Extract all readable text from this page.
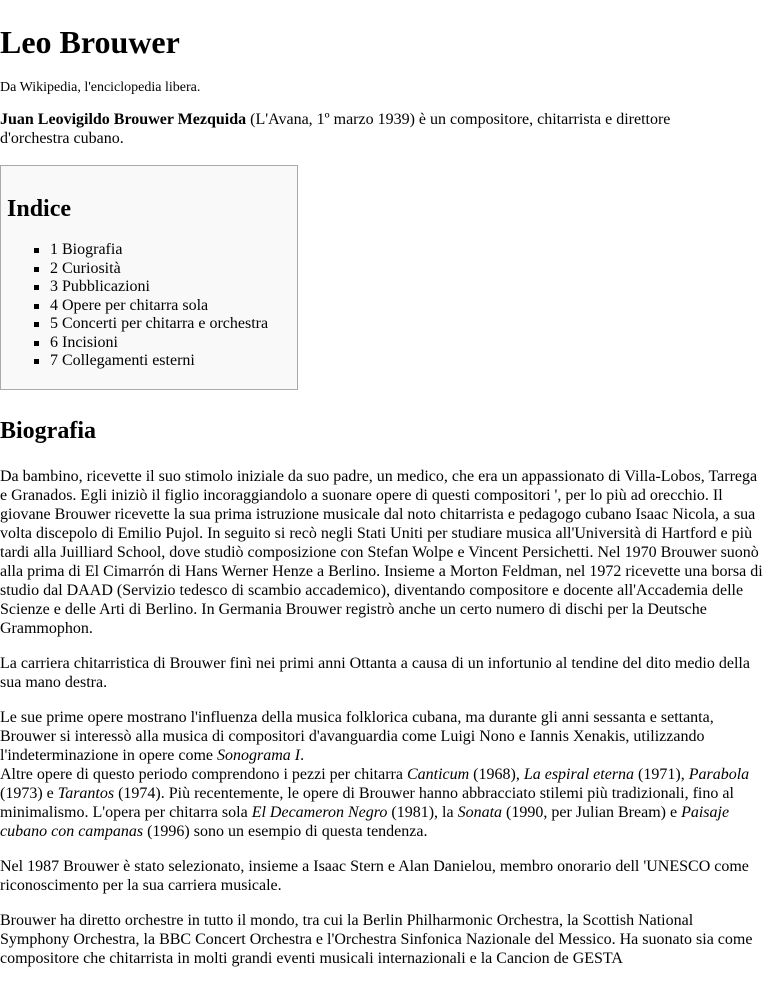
Leo Brouwer

Da Wikipedia, l'enciclopedia libera.

Juan Leovigildo Brouwer Mezquida (L'Avana, 1º marzo 1939) è un compositore, chitarrista e direttore d'orchestra cubano.

Indice
1 Biografia
2 Curiosità
3 Pubblicazioni
4 Opere per chitarra sola
5 Concerti per chitarra e orchestra
6 Incisioni
7 Collegamenti esterni
Biografia

Da bambino, ricevette il suo stimolo iniziale da suo padre, un medico, che era un appassionato di Villa-Lobos, Tarrega e Granados. Egli iniziò il figlio incoraggiandolo a suonare opere di questi compositori ', per lo più ad orecchio. Il giovane Brouwer ricevette la sua prima istruzione musicale dal noto chitarrista e pedagogo cubano Isaac Nicola, a sua volta discepolo di Emilio Pujol. In seguito si recò negli Stati Uniti per studiare musica all'Università di Hartford e più tardi alla Juilliard School, dove studiò composizione con Stefan Wolpe e Vincent Persichetti. Nel 1970 Brouwer suonò alla prima di El Cimarrón di Hans Werner Henze a Berlino. Insieme a Morton Feldman, nel 1972 ricevette una borsa di studio dal DAAD (Servizio tedesco di scambio accademico), diventando compositore e docente all'Accademia delle Scienze e delle Arti di Berlino. In Germania Brouwer registrò anche un certo numero di dischi per la Deutsche Grammophon.

La carriera chitarristica di Brouwer finì nei primi anni Ottanta a causa di un infortunio al tendine del dito medio della sua mano destra.

Le sue prime opere mostrano l'influenza della musica folklorica cubana, ma durante gli anni sessanta e settanta, Brouwer si interessò alla musica di compositori d'avanguardia come Luigi Nono e Iannis Xenakis, utilizzando l'indeterminazione in opere come Sonograma I.
Altre opere di questo periodo comprendono i pezzi per chitarra Canticum (1968), La espiral eterna (1971), Parabola (1973) e Tarantos (1974). Più recentemente, le opere di Brouwer hanno abbracciato stilemi più tradizionali, fino al minimalismo. L'opera per chitarra sola El Decameron Negro (1981), la Sonata (1990, per Julian Bream) e Paisaje cubano con campanas (1996) sono un esempio di questa tendenza.

Nel 1987 Brouwer è stato selezionato, insieme a Isaac Stern e Alan Danielou, membro onorario dell 'UNESCO come riconoscimento per la sua carriera musicale.

Brouwer ha diretto orchestre in tutto il mondo, tra cui la Berlin Philharmonic Orchestra, la Scottish National Symphony Orchestra, la BBC Concert Orchestra e l'Orchestra Sinfonica Nazionale del Messico. Ha suonato sia come compositore che chitarrista in molti grandi eventi musicali internazionali e la Cancion de GESTA
